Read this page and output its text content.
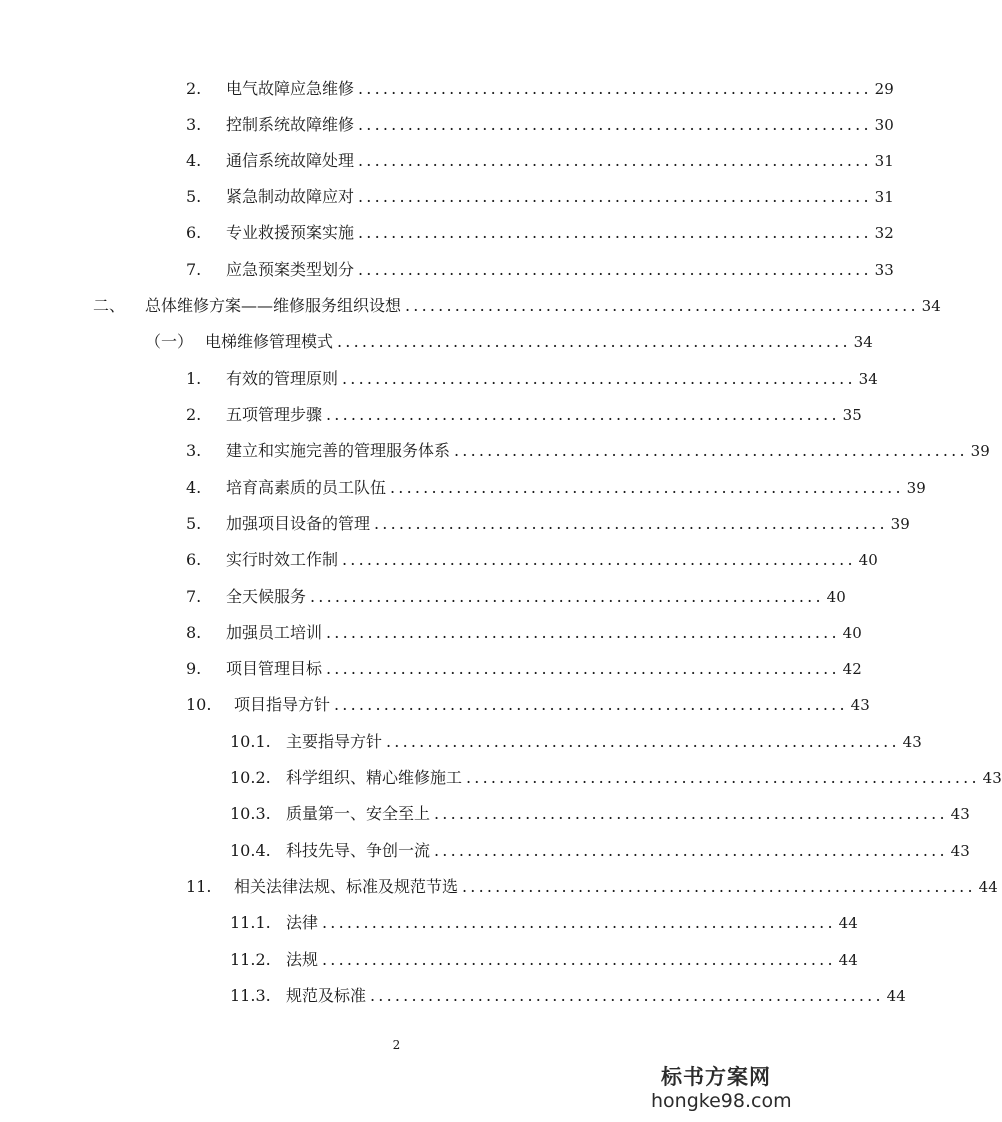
2.	电气故障应急维修 .............................................................. 29
3.	控制系统故障维修 .............................................................. 30
4.	通信系统故障处理 .............................................................. 31
5.	紧急制动故障应对 .............................................................. 31
6.	专业救援预案实施 .............................................................. 32
7.	应急预案类型划分 .............................................................. 33
二、	总体维修方案——维修服务组织设想 .............................................................. 34
（一） 电梯维修管理模式 .............................................................. 34
1.	有效的管理原则 .............................................................. 34
2.	五项管理步骤 .............................................................. 35
3.	建立和实施完善的管理服务体系 .............................................................. 39
4.	培育高素质的员工队伍 .............................................................. 39
5.	加强项目设备的管理 .............................................................. 39
6.	实行时效工作制 .............................................................. 40
7.	全天候服务 .............................................................. 40
8.	加强员工培训 .............................................................. 40
9.	项目管理目标 .............................................................. 42
10.	项目指导方针 .............................................................. 43
10.1. 主要指导方针 .............................................................. 43
10.2. 科学组织、精心维修施工 .............................................................. 43
10.3. 质量第一、安全至上 .............................................................. 43
10.4. 科技先导、争创一流 .............................................................. 43
11.	相关法律法规、标准及规范节选 .............................................................. 44
11.1. 法律 .............................................................. 44
11.2. 法规 .............................................................. 44
11.3. 规范及标准 .............................................................. 44
2
标书方案网
hongke98.com
